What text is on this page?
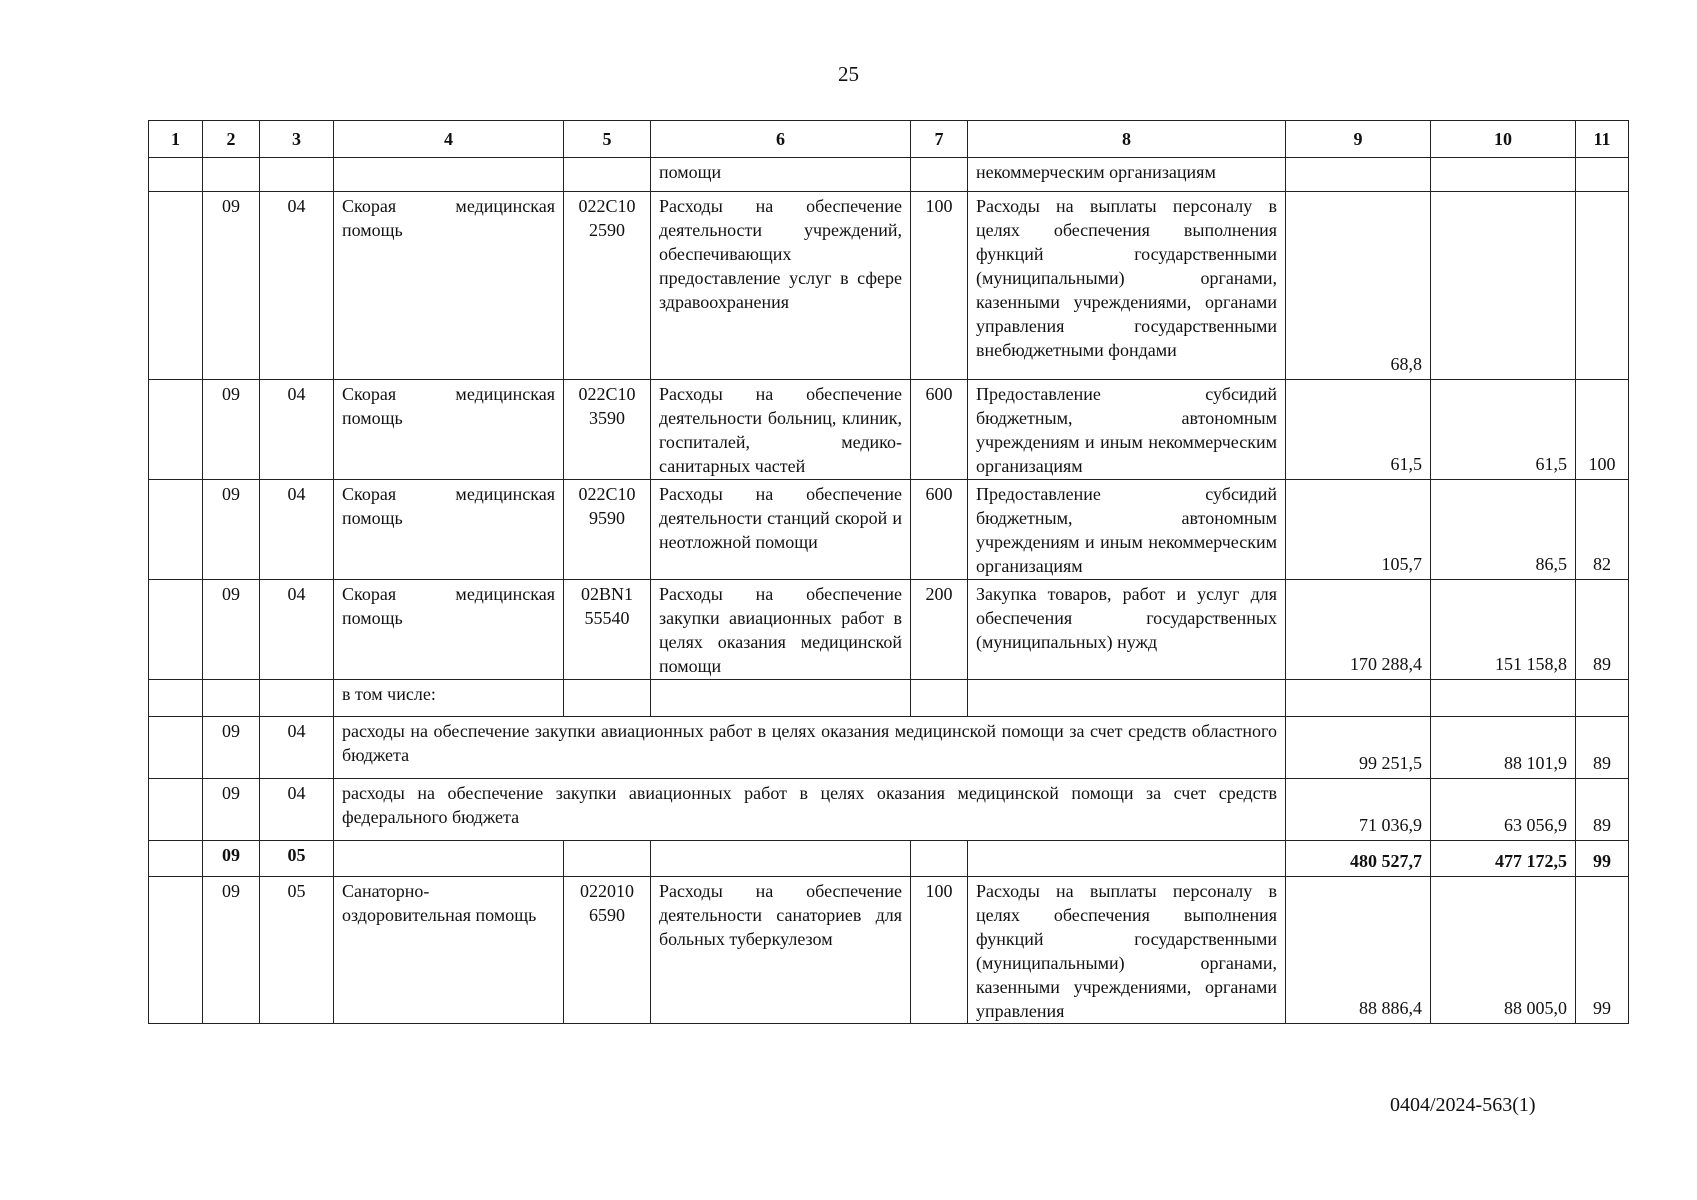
25
1	2	3	4	5	6	7	8	9	10	11
					помощи		некоммерческим организациям			
	09	04	Скорая медицинская помощь	022C10 2590	Расходы на обеспечение деятельности учреждений, обеспечивающих предоставление услуг в сфере здравоохранения	100	Расходы на выплаты персоналу в целях обеспечения выполнения функций государственными (муниципальными) органами, казенными учреждениями, органами управления государственными внебюджетными фондами	68,8		
	09	04	Скорая медицинская помощь	022C10 3590	Расходы на обеспечение деятельности больниц, клиник, госпиталей, медико-санитарных частей	600	Предоставление субсидий бюджетным, автономным учреждениям и иным некоммерческим организациям	61,5	61,5	100
	09	04	Скорая медицинская помощь	022C10 9590	Расходы на обеспечение деятельности станций скорой и неотложной помощи	600	Предоставление субсидий бюджетным, автономным учреждениям и иным некоммерческим организациям	105,7	86,5	82
	09	04	Скорая медицинская помощь	02BN1 55540	Расходы на обеспечение закупки авиационных работ в целях оказания медицинской помощи	200	Закупка товаров, работ и услуг для обеспечения государственных (муниципальных) нужд	170 288,4	151 158,8	89
			в том числе:							
	09	04	расходы на обеспечение закупки авиационных работ в целях оказания медицинской помощи за счет средств областного бюджета					99 251,5	88 101,9	89
	09	04	расходы на обеспечение закупки авиационных работ в целях оказания медицинской помощи за счет средств федерального бюджета					71 036,9	63 056,9	89
	09	05						480 527,7	477 172,5	99
	09	05	Санаторно-оздоровительная помощь	022010 6590	Расходы на обеспечение деятельности санаториев для больных туберкулезом	100	Расходы на выплаты персоналу в целях обеспечения выполнения функций государственными (муниципальными) органами, казенными учреждениями, органами управления	88 886,4	88 005,0	99
0404/2024-563(1)
